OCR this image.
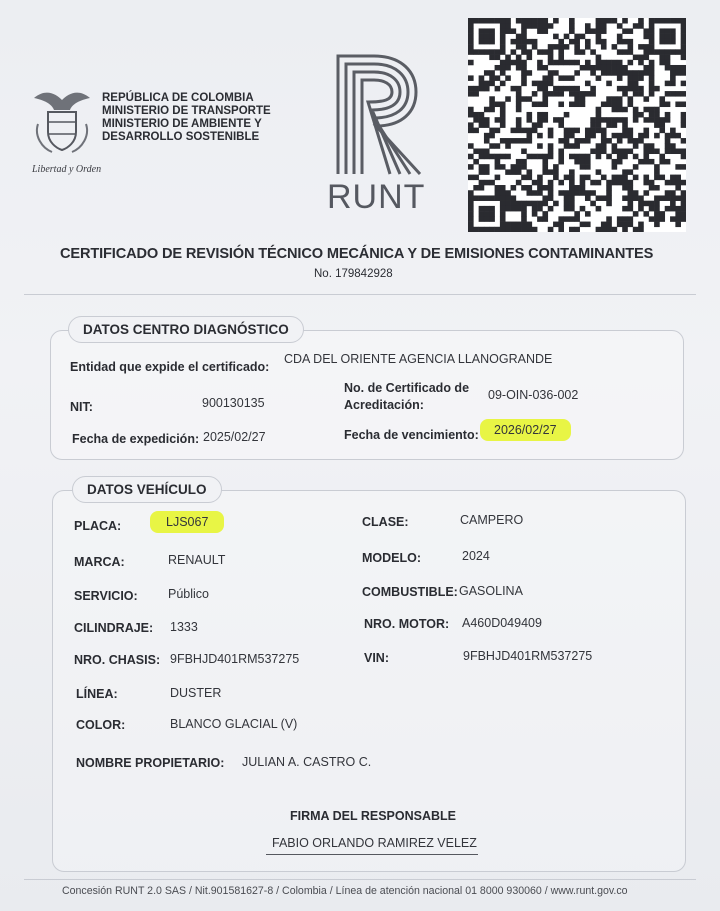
Libertad y Orden
REPÚBLICA DE COLOMBIA
MINISTERIO DE TRANSPORTE
MINISTERIO DE AMBIENTE Y
DESARROLLO SOSTENIBLE
RUNT
CERTIFICADO DE REVISIÓN TÉCNICO MECÁNICA Y DE EMISIONES CONTAMINANTES
No. 179842928
DATOS CENTRO DIAGNÓSTICO
Entidad que expide el certificado:
CDA DEL ORIENTE AGENCIA LLANOGRANDE
NIT:	900130135
No. de Certificado de
Acreditación:
09-OIN-036-002
Fecha de expedición: 2025/02/27	Fecha de vencimiento:	2026/02/27
DATOS VEHÍCULO
PLACA:	LJS067	CLASE:	CAMPERO
MARCA:	RENAULT	MODELO:	2024
SERVICIO: Público	COMBUSTIBLE: GASOLINA
CILINDRAJE: 1333	NRO. MOTOR: A460D049409
NRO. CHASIS: 9FBHJD401RM537275	VIN:	9FBHJD401RM537275
LÍNEA:	DUSTER
COLOR:	BLANCO GLACIAL (V)
NOMBRE PROPIETARIO: JULIAN A. CASTRO C.
FIRMA DEL RESPONSABLE
FABIO ORLANDO RAMIREZ VELEZ
Concesión RUNT 2.0 SAS / Nit.901581627-8 / Colombia / Línea de atención nacional 01 8000 930060 / www.runt.gov.co
